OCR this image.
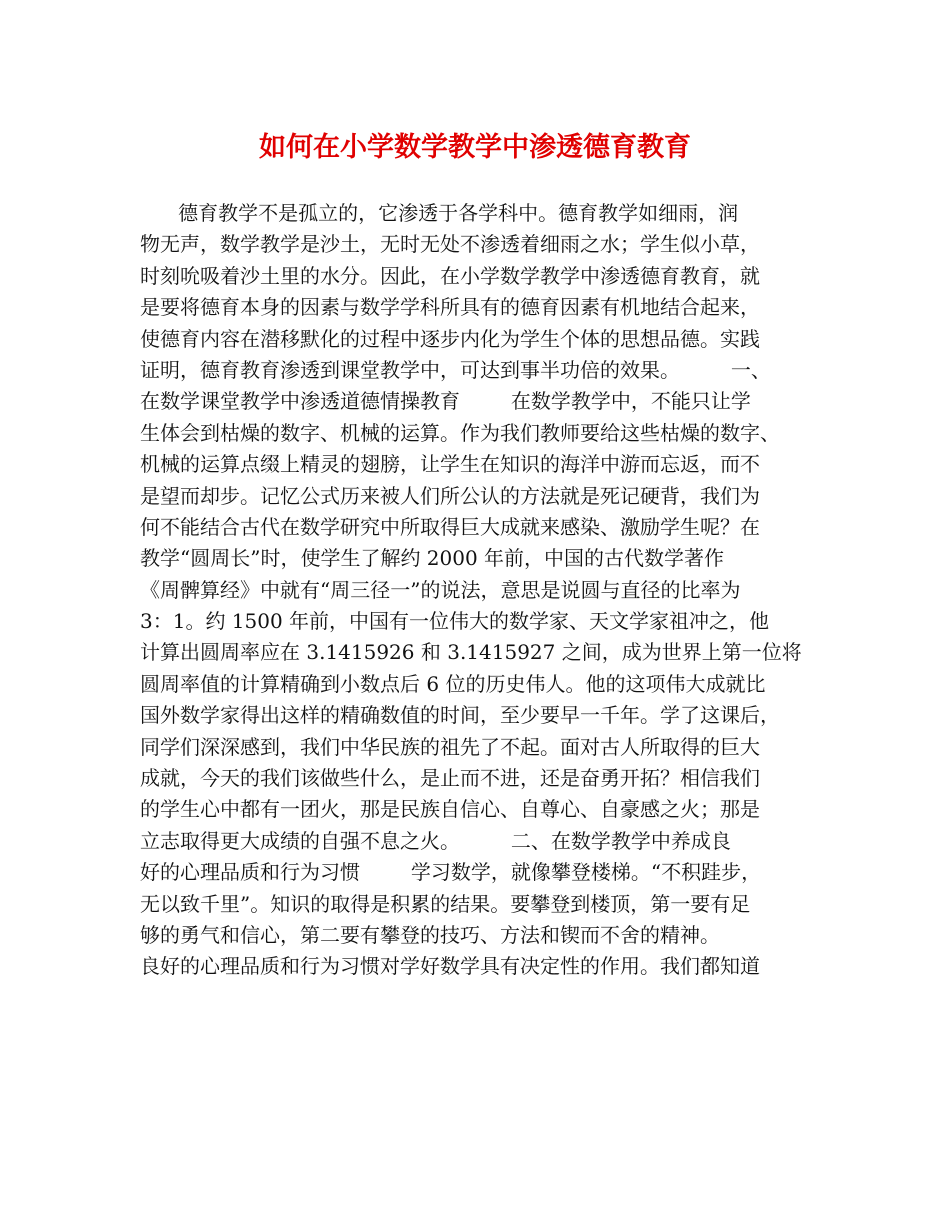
如何在小学数学教学中渗透德育教育
德育教学不是孤立的，它渗透于各学科中。德育教学如细雨，润
物无声，数学教学是沙土，无时无处不渗透着细雨之水；学生似小草，
时刻吮吸着沙土里的水分。因此，在小学数学教学中渗透德育教育，就
是要将德育本身的因素与数学学科所具有的德育因素有机地结合起来，
使德育内容在潜移默化的过程中逐步内化为学生个体的思想品德。实践
证明，德育教育渗透到课堂教学中，可达到事半功倍的效果。        一、
在数学课堂教学中渗透道德情操教育        在数学教学中，不能只让学
生体会到枯燥的数字、机械的运算。作为我们教师要给这些枯燥的数字、
机械的运算点缀上精灵的翅膀，让学生在知识的海洋中游而忘返，而不
是望而却步。记忆公式历来被人们所公认的方法就是死记硬背，我们为
何不能结合古代在数学研究中所取得巨大成就来感染、激励学生呢？在
教学“圆周长”时，使学生了解约 2000 年前，中国的古代数学著作
《周髀算经》中就有“周三径一”的说法，意思是说圆与直径的比率为
3：1。约 1500 年前，中国有一位伟大的数学家、天文学家祖冲之，他
计算出圆周率应在 3.1415926 和 3.1415927 之间，成为世界上第一位将
圆周率值的计算精确到小数点后 6 位的历史伟人。他的这项伟大成就比
国外数学家得出这样的精确数值的时间，至少要早一千年。学了这课后，
同学们深深感到，我们中华民族的祖先了不起。面对古人所取得的巨大
成就，今天的我们该做些什么，是止而不进，还是奋勇开拓？相信我们
的学生心中都有一团火，那是民族自信心、自尊心、自豪感之火；那是
立志取得更大成绩的自强不息之火。        二、在数学教学中养成良
好的心理品质和行为习惯        学习数学，就像攀登楼梯。“不积跬步，
无以致千里”。知识的取得是积累的结果。要攀登到楼顶，第一要有足
够的勇气和信心，第二要有攀登的技巧、方法和锲而不舍的精神。
良好的心理品质和行为习惯对学好数学具有决定性的作用。我们都知道
